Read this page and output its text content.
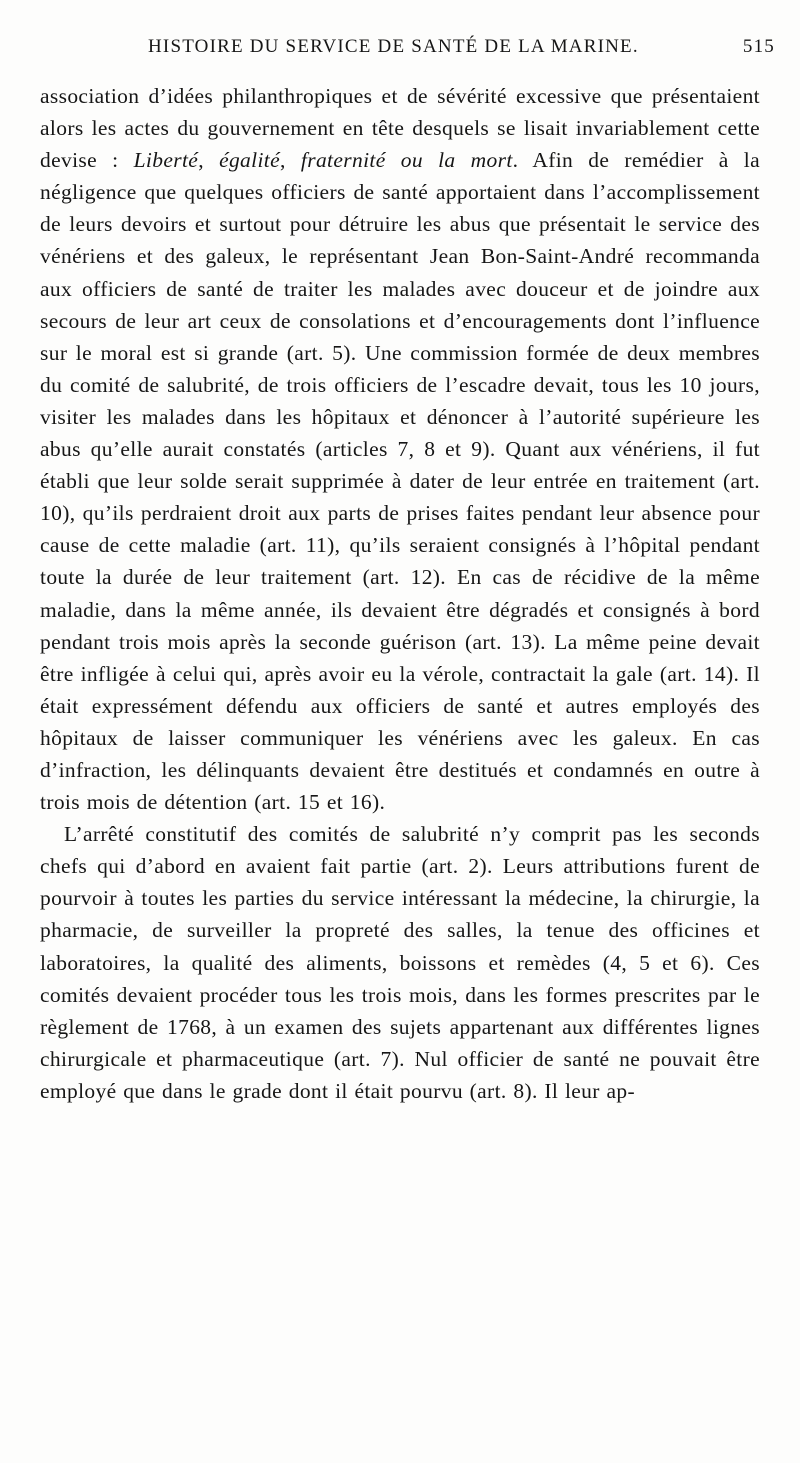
HISTOIRE DU SERVICE DE SANTÉ DE LA MARINE.	515

association d’idées philanthropiques et de sévérité excessive que présentaient alors les actes du gouvernement en tête desquels se lisait invariablement cette devise : Liberté, égalité, fraternité ou la mort. Afin de remédier à la négligence que quelques officiers de santé apportaient dans l’accomplissement de leurs devoirs et surtout pour détruire les abus que présentait le service des vénériens et des galeux, le représentant Jean Bon-Saint-André recommanda aux officiers de santé de traiter les malades avec douceur et de joindre aux secours de leur art ceux de consolations et d’encouragements dont l’influence sur le moral est si grande (art. 5). Une commission formée de deux membres du comité de salubrité, de trois officiers de l’escadre devait, tous les 10 jours, visiter les malades dans les hôpitaux et dénoncer à l’autorité supérieure les abus qu’elle aurait constatés (articles 7, 8 et 9). Quant aux vénériens, il fut établi que leur solde serait supprimée à dater de leur entrée en traitement (art. 10), qu’ils perdraient droit aux parts de prises faites pendant leur absence pour cause de cette maladie (art. 11), qu’ils seraient consignés à l’hôpital pendant toute la durée de leur traitement (art. 12). En cas de récidive de la même maladie, dans la même année, ils devaient être dégradés et consignés à bord pendant trois mois après la seconde guérison (art. 13). La même peine devait être infligée à celui qui, après avoir eu la vérole, contractait la gale (art. 14). Il était expressément défendu aux officiers de santé et autres employés des hôpitaux de laisser communiquer les vénériens avec les galeux. En cas d’infraction, les délinquants devaient être destitués et condamnés en outre à trois mois de détention (art. 15 et 16).

L’arrêté constitutif des comités de salubrité n’y comprit pas les seconds chefs qui d’abord en avaient fait partie (art. 2). Leurs attributions furent de pourvoir à toutes les parties du service intéressant la médecine, la chirurgie, la pharmacie, de surveiller la propreté des salles, la tenue des officines et laboratoires, la qualité des aliments, boissons et remèdes (4, 5 et 6). Ces comités devaient procéder tous les trois mois, dans les formes prescrites par le règlement de 1768, à un examen des sujets appartenant aux différentes lignes chirurgicale et pharmaceutique (art. 7). Nul officier de santé ne pouvait être employé que dans le grade dont il était pourvu (art. 8). Il leur ap-
